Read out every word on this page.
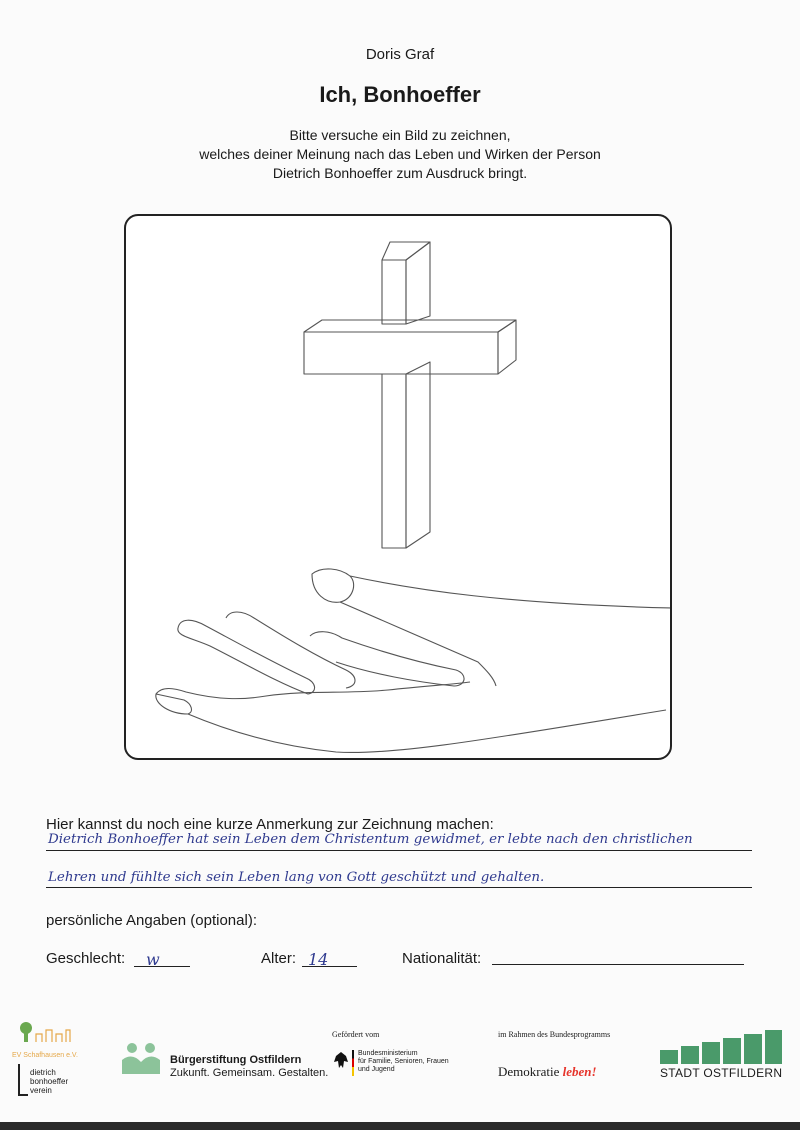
Doris Graf
Ich, Bonhoeffer
Bitte versuche ein Bild zu zeichnen,
welches deiner Meinung nach das Leben und Wirken der Person
Dietrich Bonhoeffer zum Ausdruck bringt.
Hier kannst du noch eine kurze Anmerkung zur Zeichnung machen:
Dietrich Bonhoeffer hat sein Leben dem Christentum gewidmet, er lebte nach den christlichen
Lehren und fühlte sich sein Leben lang von Gott geschützt und gehalten.
persönliche Angaben (optional):
Geschlecht: w	Alter: 14	Nationalität:
EV Schafhausen e.V.
dietrich
bonhoeffer
verein
Bürgerstiftung Ostfildern
Zukunft. Gemeinsam. Gestalten.
Gefördert vom
Bundesministerium
für Familie, Senioren, Frauen
und Jugend
im Rahmen des Bundesprogramms
Demokratie leben!	STADT OSTFILDERN
